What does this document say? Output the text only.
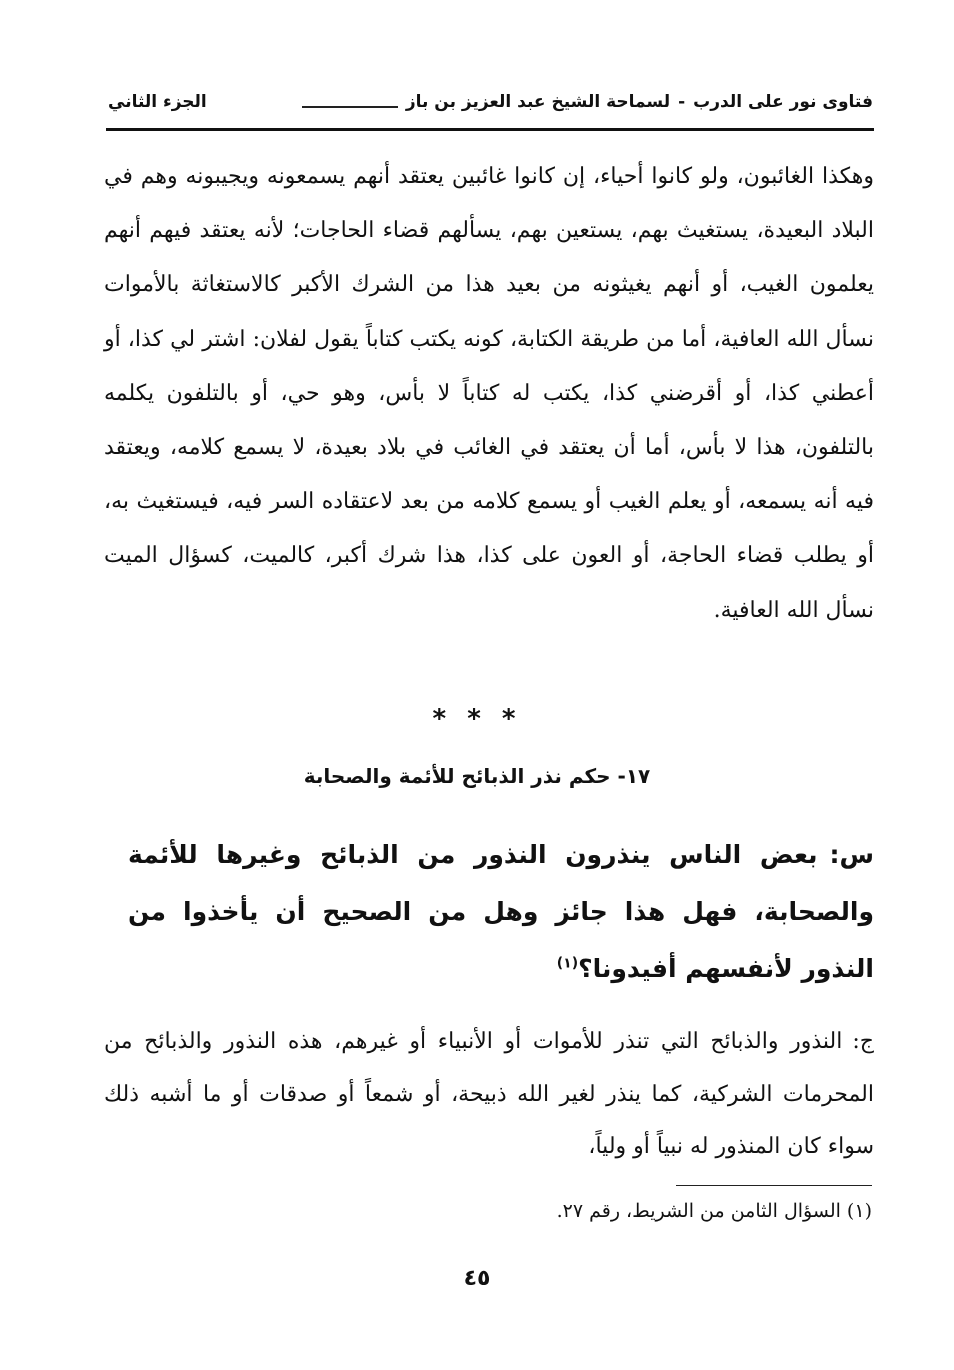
فتاوى نور على الدرب
-
لسماحة الشيخ عبد العزيز بن باز
الجزء الثاني

وهكذا الغائبون، ولو كانوا أحياء، إن كانوا غائبين يعتقد أنهم يسمعونه ويجيبونه وهم في البلاد البعيدة، يستغيث بهم، يستعين بهم، يسألهم قضاء الحاجات؛ لأنه يعتقد فيهم أنهم يعلمون الغيب، أو أنهم يغيثونه من بعيد هذا من الشرك الأكبر كالاستغاثة بالأموات نسأل الله العافية، أما من طريقة الكتابة، كونه يكتب كتاباً يقول لفلان: اشتر لي كذا، أو أعطني كذا، أو أقرضني كذا، يكتب له كتاباً لا بأس، وهو حي، أو بالتلفون يكلمه بالتلفون، هذا لا بأس، أما أن يعتقد في الغائب في بلاد بعيدة، لا يسمع كلامه، ويعتقد فيه أنه يسمعه، أو يعلم الغيب أو يسمع كلامه من بعد لاعتقاده السر فيه، فيستغيث به، أو يطلب قضاء الحاجة، أو العون على كذا، هذا شرك أكبر، كالميت، كسؤال الميت نسأل الله العافية.

* * *
١٧- حكم نذر الذبائح للأئمة والصحابة
س:بعض الناس ينذرون النذور من الذبائح وغيرها للأئمة والصحابة، فهل هذا جائز وهل من الصحيح أن يأخذوا من النذور لأنفسهم أفيدونا؟$^{(١)}$
ج:النذور والذبائح التي تنذر للأموات أو الأنبياء أو غيرهم، هذه النذور والذبائح من المحرمات الشركية، كما ينذر لغير الله ذبيحة، أو شمعاً أو صدقات أو ما أشبه ذلك سواء كان المنذور له نبياً أو ولياً،
(١) السؤال الثامن من الشريط، رقم ٢٧.
٤٥
